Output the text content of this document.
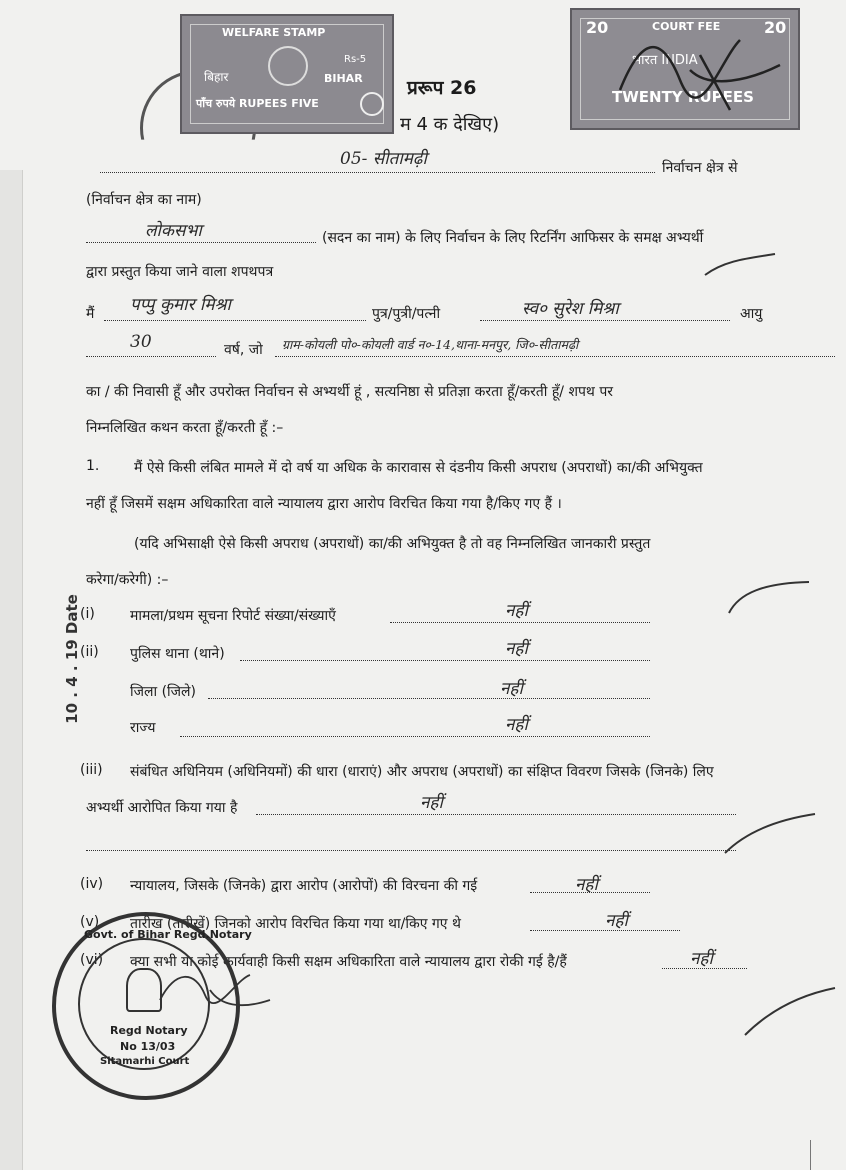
WELFARE STAMP
Rs-5
बिहार	BIHAR
पाँच रुपये RUPEES FIVE
20	COURT FEE	20
भारत INDIA
TWENTY RUPEES
प्ररूप 26
म 4 क देखिए)
05- सीतामढ़ी	निर्वाचन क्षेत्र से
(निर्वाचन क्षेत्र का नाम)
लोकसभा	(सदन का नाम) के लिए निर्वाचन के लिए रिटर्निंग आफिसर के समक्ष अभ्यर्थी
द्वारा प्रस्तुत किया जाने वाला शपथपत्र
मैं पप्पु कुमार मिश्रा	पुत्र/पुत्री/पत्नी	स्व० सुरेश मिश्रा	आयु
30	वर्ष, जो ग्राम-कोयली पो०-कोयली वार्ड न०-14,थाना-मनपुर, जि०-सीतामढ़ी
का / की निवासी हूँ और उपरोक्त निर्वाचन से अभ्यर्थी हूं , सत्यनिष्ठा से प्रतिज्ञा करता हूँ/करती हूँ/ शपथ पर
निम्नलिखित कथन करता हूँ/करती हूँ :–
1. मैं ऐसे किसी लंबित मामले में दो वर्ष या अधिक के कारावास से दंडनीय किसी अपराध (अपराधों) का/की अभियुक्त
नहीं हूँ जिसमें सक्षम अधिकारिता वाले न्यायालय द्वारा आरोप विरचित किया गया है/किए गए हैं ।
(यदि अभिसाक्षी ऐसे किसी अपराध (अपराधों) का/की अभियुक्त है तो वह निम्नलिखित जानकारी प्रस्तुत
करेगा/करेगी) :–
(i)	मामला/प्रथम सूचना रिपोर्ट संख्या/संख्याएँ	नहीं
(ii) पुलिस थाना (थाने)	नहीं
जिला (जिले)	नहीं
राज्य	नहीं
(iii) संबंधित अधिनियम (अधिनियमों) की धारा (धाराएं) और अपराध (अपराधों) का संक्षिप्त विवरण जिसके (जिनके) लिए
अभ्यर्थी आरोपित किया गया है	नहीं
(iv) न्यायालय, जिसके (जिनके) द्वारा आरोप (आरोपों) की विरचना की गई	नहीं
(v) तारीख (तारीखें) जिनको आरोप विरचित किया गया था/किए गए थे	नहीं
(vi) क्या सभी या कोई कार्यवाही किसी सक्षम अधिकारिता वाले न्यायालय द्वारा रोकी गई है/हैं	नहीं
10 . 4 . 19 Date
Govt. of Bihar Regd.Notary
Regd Notary
No 13/03
Sitamarhi Court
